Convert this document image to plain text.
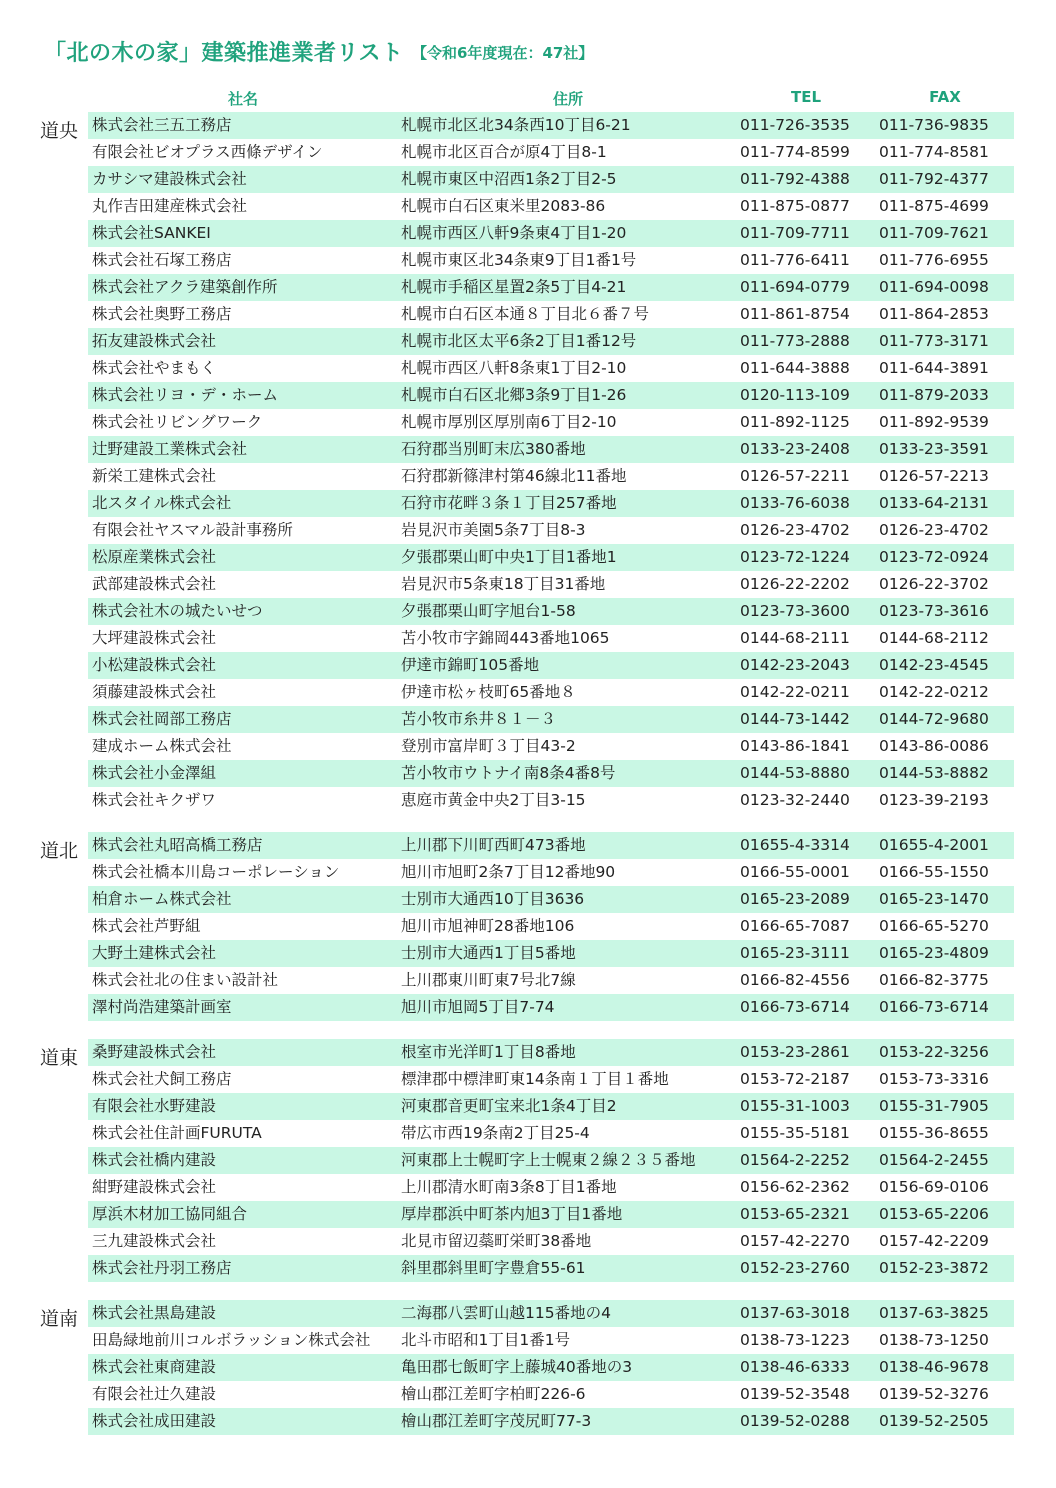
「北の木の家」建築推進業者リスト 【令和6年度現在：47社】
社名	住所	TEL	FAX
道央 株式会社三五工務店	札幌市北区北34条西10丁目6-21	011-726-3535	011-736-9835
有限会社ビオプラス西條デザイン	札幌市北区百合が原4丁目8-1	011-774-8599	011-774-8581
カサシマ建設株式会社	札幌市東区中沼西1条2丁目2-5	011-792-4388	011-792-4377
丸作吉田建産株式会社	札幌市白石区東米里2083-86	011-875-0877	011-875-4699
株式会社SANKEI	札幌市西区八軒9条東4丁目1-20	011-709-7711	011-709-7621
株式会社石塚工務店	札幌市東区北34条東9丁目1番1号	011-776-6411	011-776-6955
株式会社アクラ建築創作所	札幌市手稲区星置2条5丁目4-21	011-694-0779	011-694-0098
株式会社奥野工務店	札幌市白石区本通８丁目北６番７号	011-861-8754	011-864-2853
拓友建設株式会社	札幌市北区太平6条2丁目1番12号	011-773-2888	011-773-3171
株式会社やまもく	札幌市西区八軒8条東1丁目2-10	011-644-3888	011-644-3891
株式会社リヨ・デ・ホーム	札幌市白石区北郷3条9丁目1-26	0120-113-109	011-879-2033
株式会社リビングワーク	札幌市厚別区厚別南6丁目2-10	011-892-1125	011-892-9539
辻野建設工業株式会社	石狩郡当別町末広380番地	0133-23-2408	0133-23-3591
新栄工建株式会社	石狩郡新篠津村第46線北11番地	0126-57-2211	0126-57-2213
北スタイル株式会社	石狩市花畔３条１丁目257番地	0133-76-6038	0133-64-2131
有限会社ヤスマル設計事務所	岩見沢市美園5条7丁目8-3	0126-23-4702	0126-23-4702
松原産業株式会社	夕張郡栗山町中央1丁目1番地1	0123-72-1224	0123-72-0924
武部建設株式会社	岩見沢市5条東18丁目31番地	0126-22-2202	0126-22-3702
株式会社木の城たいせつ	夕張郡栗山町字旭台1-58	0123-73-3600	0123-73-3616
大坪建設株式会社	苫小牧市字錦岡443番地1065	0144-68-2111	0144-68-2112
小松建設株式会社	伊達市錦町105番地	0142-23-2043	0142-23-4545
須藤建設株式会社	伊達市松ヶ枝町65番地８	0142-22-0211	0142-22-0212
株式会社岡部工務店	苫小牧市糸井８１－３	0144-73-1442	0144-72-9680
建成ホーム株式会社	登別市富岸町３丁目43-2	0143-86-1841	0143-86-0086
株式会社小金澤組	苫小牧市ウトナイ南8条4番8号	0144-53-8880	0144-53-8882
株式会社キクザワ	恵庭市黄金中央2丁目3-15	0123-32-2440	0123-39-2193
道北 株式会社丸昭高橋工務店	上川郡下川町西町473番地	01655-4-3314	01655-4-2001
株式会社橋本川島コーポレーション	旭川市旭町2条7丁目12番地90	0166-55-0001	0166-55-1550
柏倉ホーム株式会社	士別市大通西10丁目3636	0165-23-2089	0165-23-1470
株式会社芦野組	旭川市旭神町28番地106	0166-65-7087	0166-65-5270
大野土建株式会社	士別市大通西1丁目5番地	0165-23-3111	0165-23-4809
株式会社北の住まい設計社	上川郡東川町東7号北7線	0166-82-4556	0166-82-3775
澤村尚浩建築計画室	旭川市旭岡5丁目7-74	0166-73-6714	0166-73-6714
道東 桑野建設株式会社	根室市光洋町1丁目8番地	0153-23-2861	0153-22-3256
株式会社犬飼工務店	標津郡中標津町東14条南１丁目１番地	0153-72-2187	0153-73-3316
有限会社水野建設	河東郡音更町宝来北1条4丁目2	0155-31-1003	0155-31-7905
株式会社住計画FURUTA	帯広市西19条南2丁目25-4	0155-35-5181	0155-36-8655
株式会社橋内建設	河東郡上士幌町字上士幌東２線２３５番地	01564-2-2252	01564-2-2455
紺野建設株式会社	上川郡清水町南3条8丁目1番地	0156-62-2362	0156-69-0106
厚浜木材加工協同組合	厚岸郡浜中町茶内旭3丁目1番地	0153-65-2321	0153-65-2206
三九建設株式会社	北見市留辺蘂町栄町38番地	0157-42-2270	0157-42-2209
株式会社丹羽工務店	斜里郡斜里町字豊倉55-61	0152-23-2760	0152-23-3872
道南 株式会社黒島建設	二海郡八雲町山越115番地の4	0137-63-3018	0137-63-3825
田島緑地前川コルボラッション株式会社	北斗市昭和1丁目1番1号	0138-73-1223	0138-73-1250
株式会社東商建設	亀田郡七飯町字上藤城40番地の3	0138-46-6333	0138-46-9678
有限会社辻久建設	檜山郡江差町字柏町226-6	0139-52-3548	0139-52-3276
株式会社成田建設	檜山郡江差町字茂尻町77-3	0139-52-0288	0139-52-2505
